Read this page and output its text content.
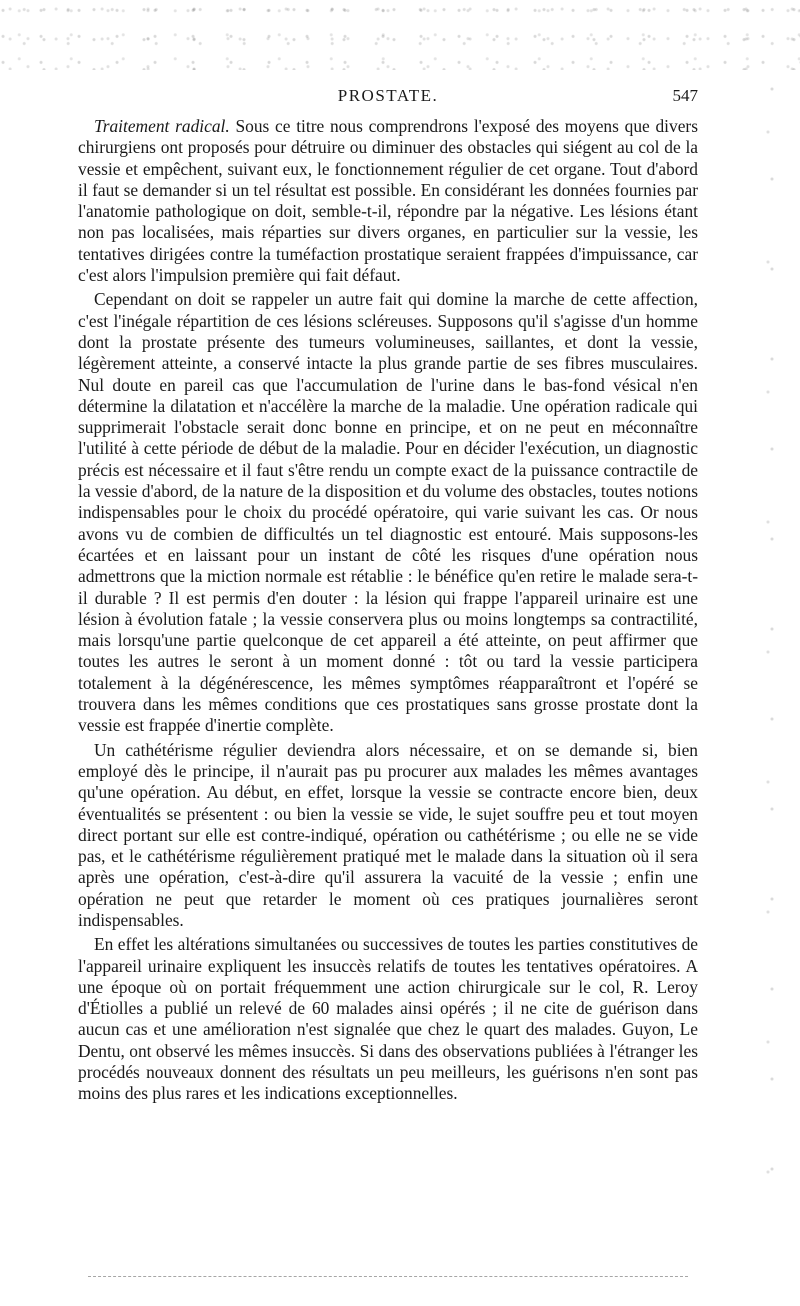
PROSTATE.	547

Traitement radical. Sous ce titre nous comprendrons l'exposé des moyens que divers chirurgiens ont proposés pour détruire ou diminuer des obstacles qui siégent au col de la vessie et empêchent, suivant eux, le fonctionnement régulier de cet organe. Tout d'abord il faut se demander si un tel résultat est possible. En considérant les données fournies par l'anatomie pathologique on doit, semble-t-il, répondre par la négative. Les lésions étant non pas localisées, mais réparties sur divers organes, en particulier sur la vessie, les tentatives dirigées contre la tuméfaction prostatique seraient frappées d'impuissance, car c'est alors l'impulsion première qui fait défaut.

Cependant on doit se rappeler un autre fait qui domine la marche de cette affection, c'est l'inégale répartition de ces lésions scléreuses. Supposons qu'il s'agisse d'un homme dont la prostate présente des tumeurs volumineuses, saillantes, et dont la vessie, légèrement atteinte, a conservé intacte la plus grande partie de ses fibres musculaires. Nul doute en pareil cas que l'accumulation de l'urine dans le bas-fond vésical n'en détermine la dilatation et n'accélère la marche de la maladie. Une opération radicale qui supprimerait l'obstacle serait donc bonne en principe, et on ne peut en méconnaître l'utilité à cette période de début de la maladie. Pour en décider l'exécution, un diagnostic précis est nécessaire et il faut s'être rendu un compte exact de la puissance contractile de la vessie d'abord, de la nature de la disposition et du volume des obstacles, toutes notions indispensables pour le choix du procédé opératoire, qui varie suivant les cas. Or nous avons vu de combien de difficultés un tel diagnostic est entouré. Mais supposons-les écartées et en laissant pour un instant de côté les risques d'une opération nous admettrons que la miction normale est rétablie : le bénéfice qu'en retire le malade sera-t-il durable ? Il est permis d'en douter : la lésion qui frappe l'appareil urinaire est une lésion à évolution fatale ; la vessie conservera plus ou moins longtemps sa contractilité, mais lorsqu'une partie quelconque de cet appareil a été atteinte, on peut affirmer que toutes les autres le seront à un moment donné : tôt ou tard la vessie participera totalement à la dégénérescence, les mêmes symptômes réapparaîtront et l'opéré se trouvera dans les mêmes conditions que ces prostatiques sans grosse prostate dont la vessie est frappée d'inertie complète.

Un cathétérisme régulier deviendra alors nécessaire, et on se demande si, bien employé dès le principe, il n'aurait pas pu procurer aux malades les mêmes avantages qu'une opération. Au début, en effet, lorsque la vessie se contracte encore bien, deux éventualités se présentent : ou bien la vessie se vide, le sujet souffre peu et tout moyen direct portant sur elle est contre-indiqué, opération ou cathétérisme ; ou elle ne se vide pas, et le cathétérisme régulièrement pratiqué met le malade dans la situation où il sera après une opération, c'est-à-dire qu'il assurera la vacuité de la vessie ; enfin une opération ne peut que retarder le moment où ces pratiques journalières seront indispensables.

En effet les altérations simultanées ou successives de toutes les parties constitutives de l'appareil urinaire expliquent les insuccès relatifs de toutes les tentatives opératoires. A une époque où on portait fréquemment une action chirurgicale sur le col, R. Leroy d'Étiolles a publié un relevé de 60 malades ainsi opérés ; il ne cite de guérison dans aucun cas et une amélioration n'est signalée que chez le quart des malades. Guyon, Le Dentu, ont observé les mêmes insuccès. Si dans des observations publiées à l'étranger les procédés nouveaux donnent des résultats un peu meilleurs, les guérisons n'en sont pas moins des plus rares et les indications exceptionnelles.
